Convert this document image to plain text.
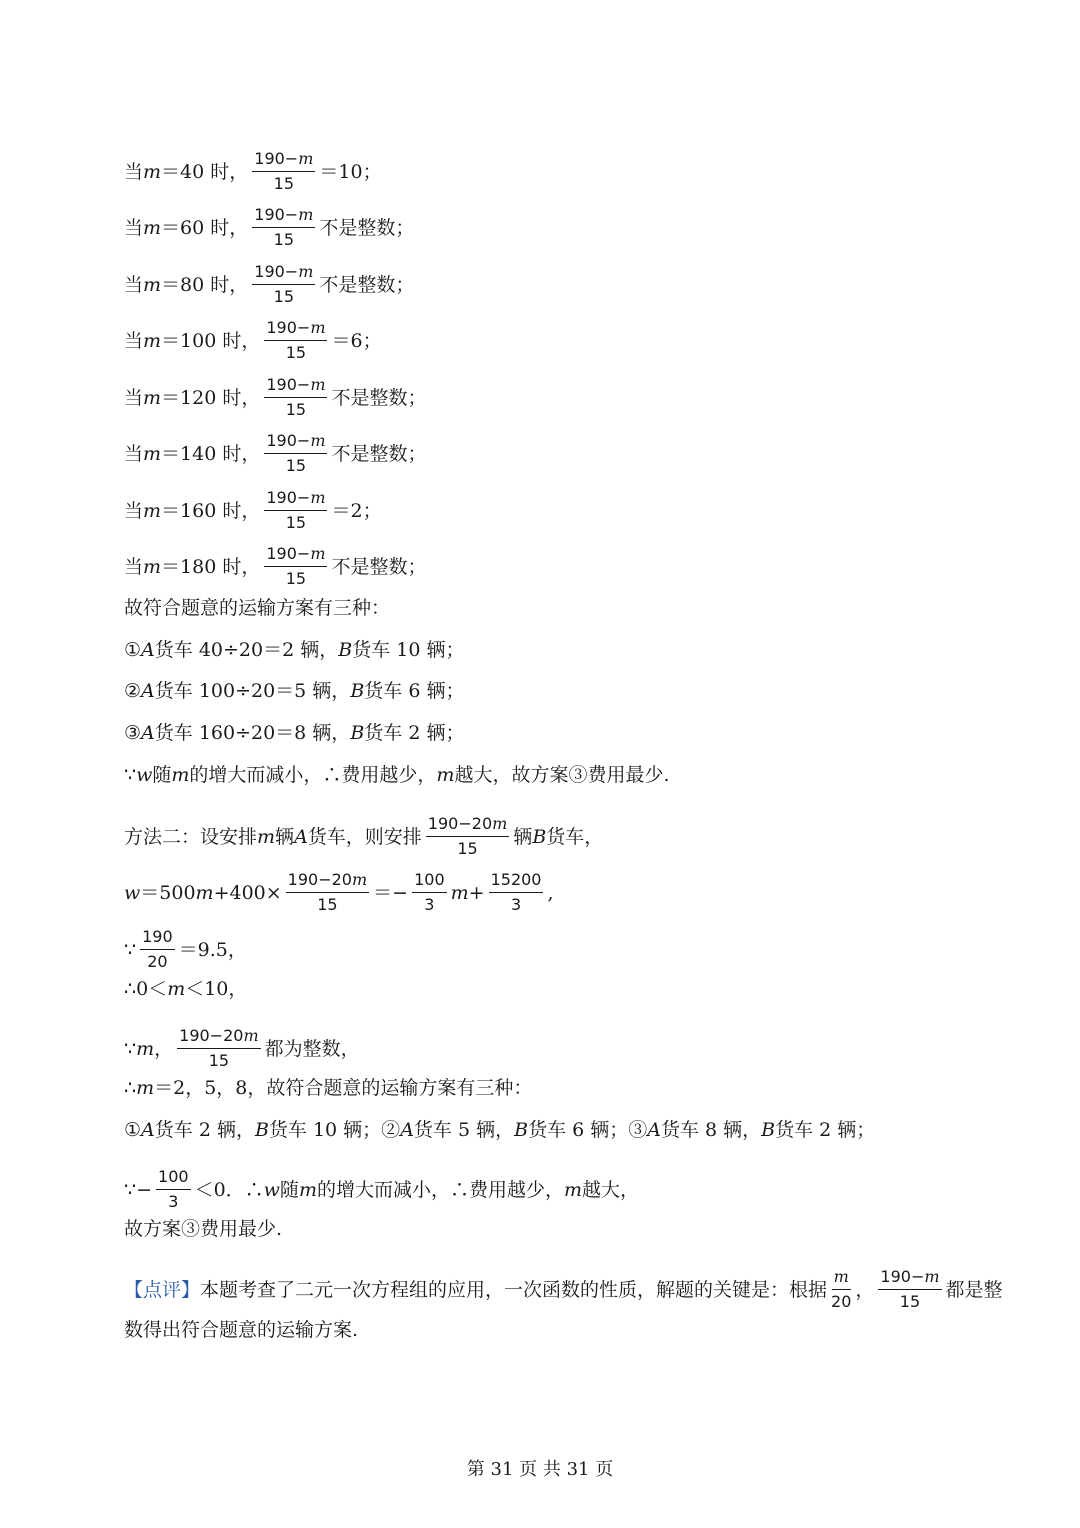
当 m ＝40 时， $\frac{190-m}{15} =10$；
当 m ＝60 时， $\frac{190-m}{15}$ 不是整数；
当 m ＝80 时， $\frac{190-m}{15}$ 不是整数；
当 m ＝100 时， $\frac{190-m}{15} =6$；
当 m ＝120 时， $\frac{190-m}{15}$ 不是整数；
当 m ＝140 时， $\frac{190-m}{15}$ 不是整数；
当 m ＝160 时， $\frac{190-m}{15} =2$；
当 m ＝180 时， $\frac{190-m}{15}$ 不是整数；
故符合题意的运输方案有三种：
① A 货车 40÷20＝2 辆， B 货车 10 辆；
② A 货车 100÷20＝5 辆， B 货车 6 辆；
③ A 货车 160÷20＝8 辆， B 货车 2 辆；
∵ w 随 m 的增大而减小，∴费用越少， m 越大，故方案③费用最少.
方法二：设安排 m 辆 A 货车，则安排 $\frac{190-20m}{15}$ 辆 B 货车，
w ＝500 $m +400\times \frac{190-20m}{15} =- \frac{100}{3}$ $m + \frac{15200}{3}$ ,
∵ $\frac{190}{20} =9.5$，
∴0＜ m ＜10，
∵ m ， $\frac{190-20m}{15}$ 都为整数，
∴ m ＝2，5，8，故符合题意的运输方案有三种：
① A 货车 2 辆， B 货车 10 辆；② A 货车 5 辆， B 货车 6 辆；③ A 货车 8 辆， B 货车 2 辆；
∵− $\frac{100}{3} <0$．∴ w 随 m 的增大而减小，∴费用越少， m 越大，
故方案③费用最少.
【点评】 本题考查了二元一次方程组的应用，一次函数的性质，解题的关键是：根据 $\frac{m}{20}$ ， $\frac{190-m}{15}$ 都是整
数得出符合题意的运输方案.
第 31 页 共 31 页
